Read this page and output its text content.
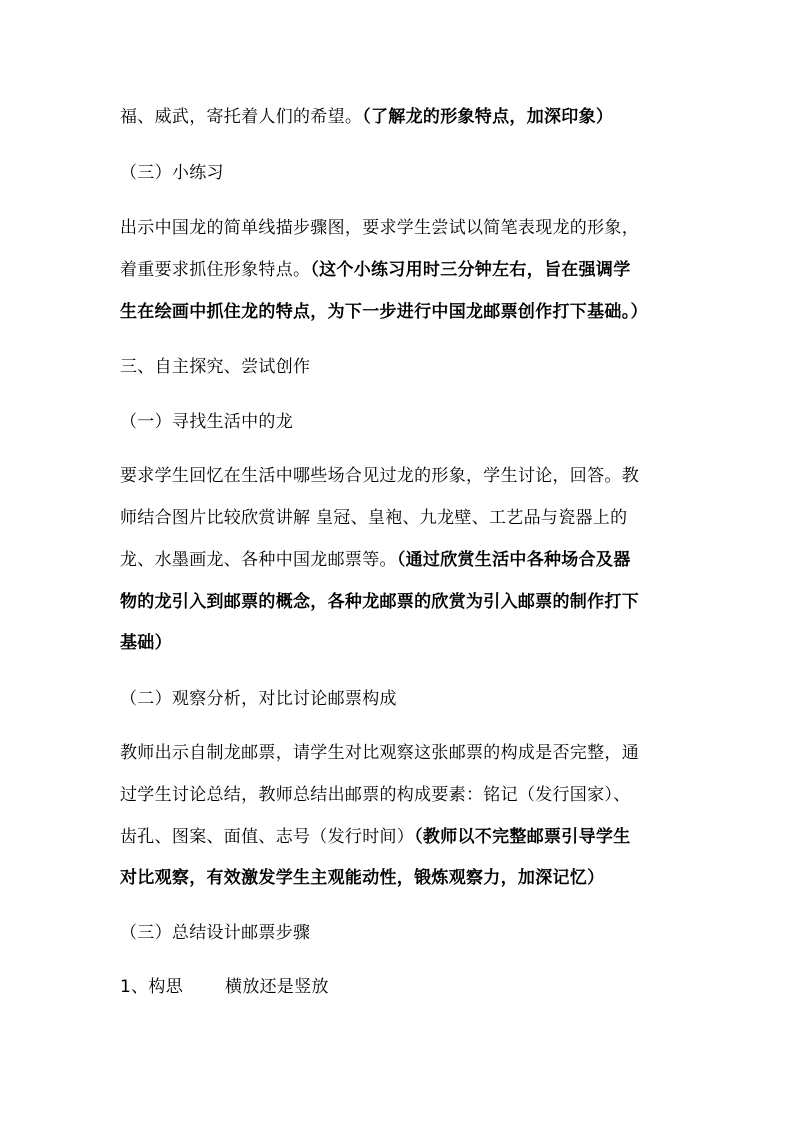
福、威武，寄托着人们的希望。（了解龙的形象特点，加深印象）
（三）小练习
出示中国龙的简单线描步骤图，要求学生尝试以简笔表现龙的形象，
着重要求抓住形象特点。（这个小练习用时三分钟左右，旨在强调学
生在绘画中抓住龙的特点，为下一步进行中国龙邮票创作打下基础。）
三、自主探究、尝试创作
（一）寻找生活中的龙
要求学生回忆在生活中哪些场合见过龙的形象，学生讨论，回答。教
师结合图片比较欣赏讲解 皇冠、皇袍、九龙壁、工艺品与瓷器上的
龙、水墨画龙、各种中国龙邮票等。（通过欣赏生活中各种场合及器
物的龙引入到邮票的概念，各种龙邮票的欣赏为引入邮票的制作打下
基础）
（二）观察分析，对比讨论邮票构成
教师出示自制龙邮票，请学生对比观察这张邮票的构成是否完整，通
过学生讨论总结，教师总结出邮票的构成要素：铭记（发行国家）、
齿孔、图案、面值、志号（发行时间）（教师以不完整邮票引导学生
对比观察，有效激发学生主观能动性，锻炼观察力，加深记忆）
（三）总结设计邮票步骤
1、构思 横放还是竖放
